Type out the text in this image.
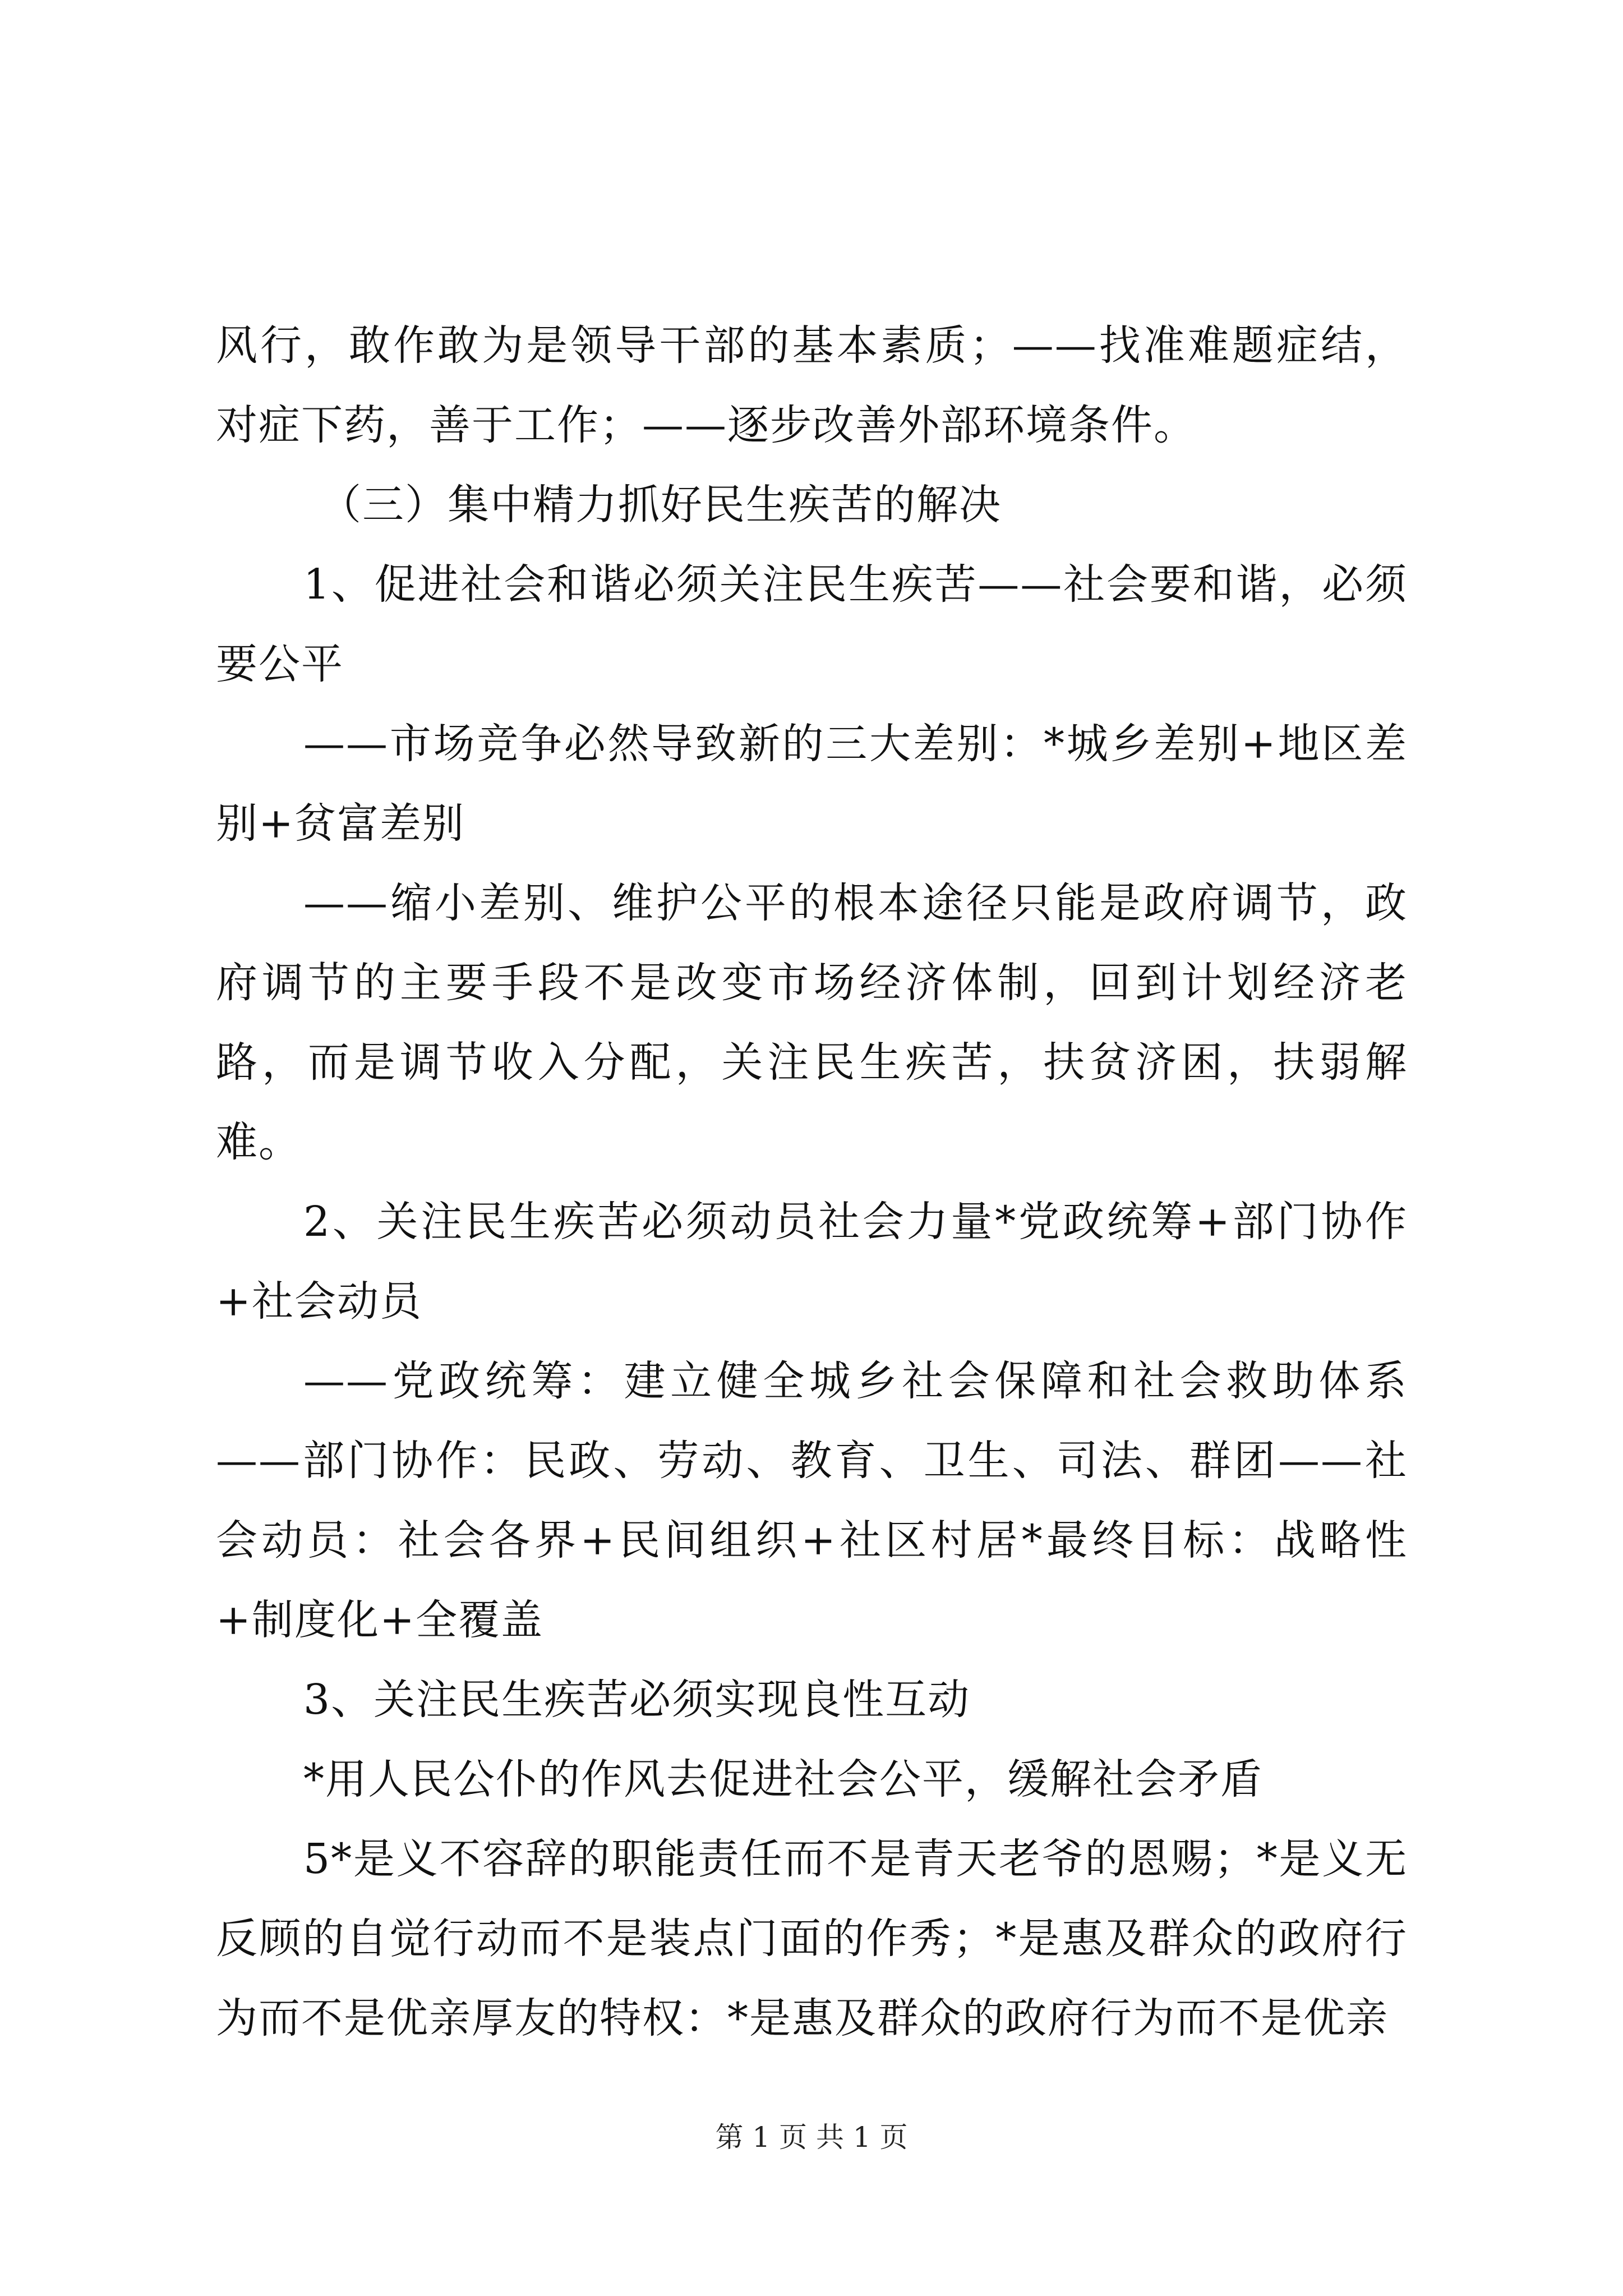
风行，敢作敢为是领导干部的基本素质；——找准难题症结，对症下药，善于工作；——逐步改善外部环境条件。

（三）集中精力抓好民生疾苦的解决

1、促进社会和谐必须关注民生疾苦——社会要和谐，必须要公平

——市场竞争必然导致新的三大差别：*城乡差别+地区差别+贫富差别

——缩小差别、维护公平的根本途径只能是政府调节，政府调节的主要手段不是改变市场经济体制，回到计划经济老路，而是调节收入分配，关注民生疾苦，扶贫济困，扶弱解难。

2、关注民生疾苦必须动员社会力量*党政统筹+部门协作+社会动员

——党政统筹：建立健全城乡社会保障和社会救助体系——部门协作：民政、劳动、教育、卫生、司法、群团——社会动员：社会各界+民间组织+社区村居*最终目标：战略性+制度化+全覆盖

3、关注民生疾苦必须实现良性互动

*用人民公仆的作风去促进社会公平，缓解社会矛盾

5*是义不容辞的职能责任而不是青天老爷的恩赐；*是义无反顾的自觉行动而不是装点门面的作秀；*是惠及群众的政府行为而不是优亲厚友的特权：*是惠及群众的政府行为而不是优亲

第 1 页 共 1 页
